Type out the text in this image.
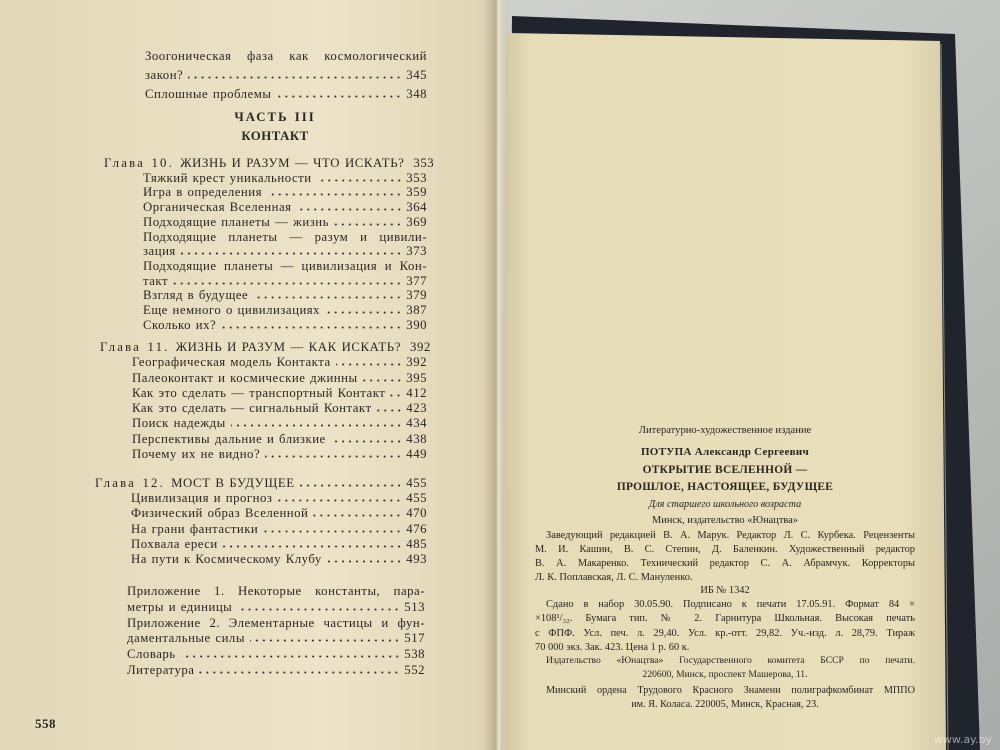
Зоогоническая фаза как космологический
закон?	345
Сплошные проблемы	348
ЧАСТЬ III
КОНТАКТ
Глава 10. ЖИЗНЬ И РАЗУМ — ЧТО ИСКАТЬ? 353
Тяжкий крест уникальности	353
Игра в определения	359
Органическая Вселенная	364
Подходящие планеты — жизнь	369
Подходящие планеты — разум и цивили-
зация	373
Подходящие планеты — цивилизация и Кон-
такт	377
Взгляд в будущее	379
Еще немного о цивилизациях	387
Сколько их?	390
Глава 11. ЖИЗНЬ И РАЗУМ — КАК ИСКАТЬ? 392
Географическая модель Контакта	392
Палеоконтакт и космические джинны	395
Как это сделать — транспортный Контакт 412
Как это сделать — сигнальный Контакт	423
Поиск надежды	434
Перспективы дальние и близкие	438
Почему их не видно?	449
Глава 12. МОСТ В БУДУЩЕЕ	455
Цивилизация и прогноз	455
Физический образ Вселенной	470
На грани фантастики	476
Похвала ереси	485
На пути к Космическому Клубу	493
Приложение 1. Некоторые константы, пара-
метры и единицы	513
Приложение 2. Элементарные частицы и фун-
даментальные силы	517
Словарь	538
Литература	552
558
Литературно-художественное издание
ПОТУПА Александр Сергеевич
ОТКРЫТИЕ ВСЕЛЕННОЙ —
ПРОШЛОЕ, НАСТОЯЩЕЕ, БУДУЩЕЕ
Для старшего школьного возраста
Минск, издательство «Юнацтва»
Заведующий редакцией В. А. Марук. Редактор Л. С. Курбека. Рецензенты
М. И. Кашин, В. С. Степин, Д. Баленкин. Художественный редактор
В. А. Макаренко. Технический редактор С. А. Абрамчук. Корректоры
Л. К. Поплавская, Л. С. Мануленко.
ИБ № 1342
Сдано в набор 30.05.90. Подписано к печати 17.05.91. Формат 84 ×
×108¹/₃₂. Бумага тип. № 2. Гарнитура Школьная. Высокая печать
с ФПФ. Усл. печ. л. 29,40. Усл. кр.-отт. 29,82. Уч.-изд. л. 28,79. Тираж
70 000 экз. Зак. 423. Цена 1 р. 60 к.
Издательство «Юнацтва» Государственного комитета БССР по печати.
220600, Минск, проспект Машерова, 11.
Минский ордена Трудового Красного Знамени полиграфкомбинат МППО
им. Я. Коласа. 220005, Минск, Красная, 23.
www.ay.by
